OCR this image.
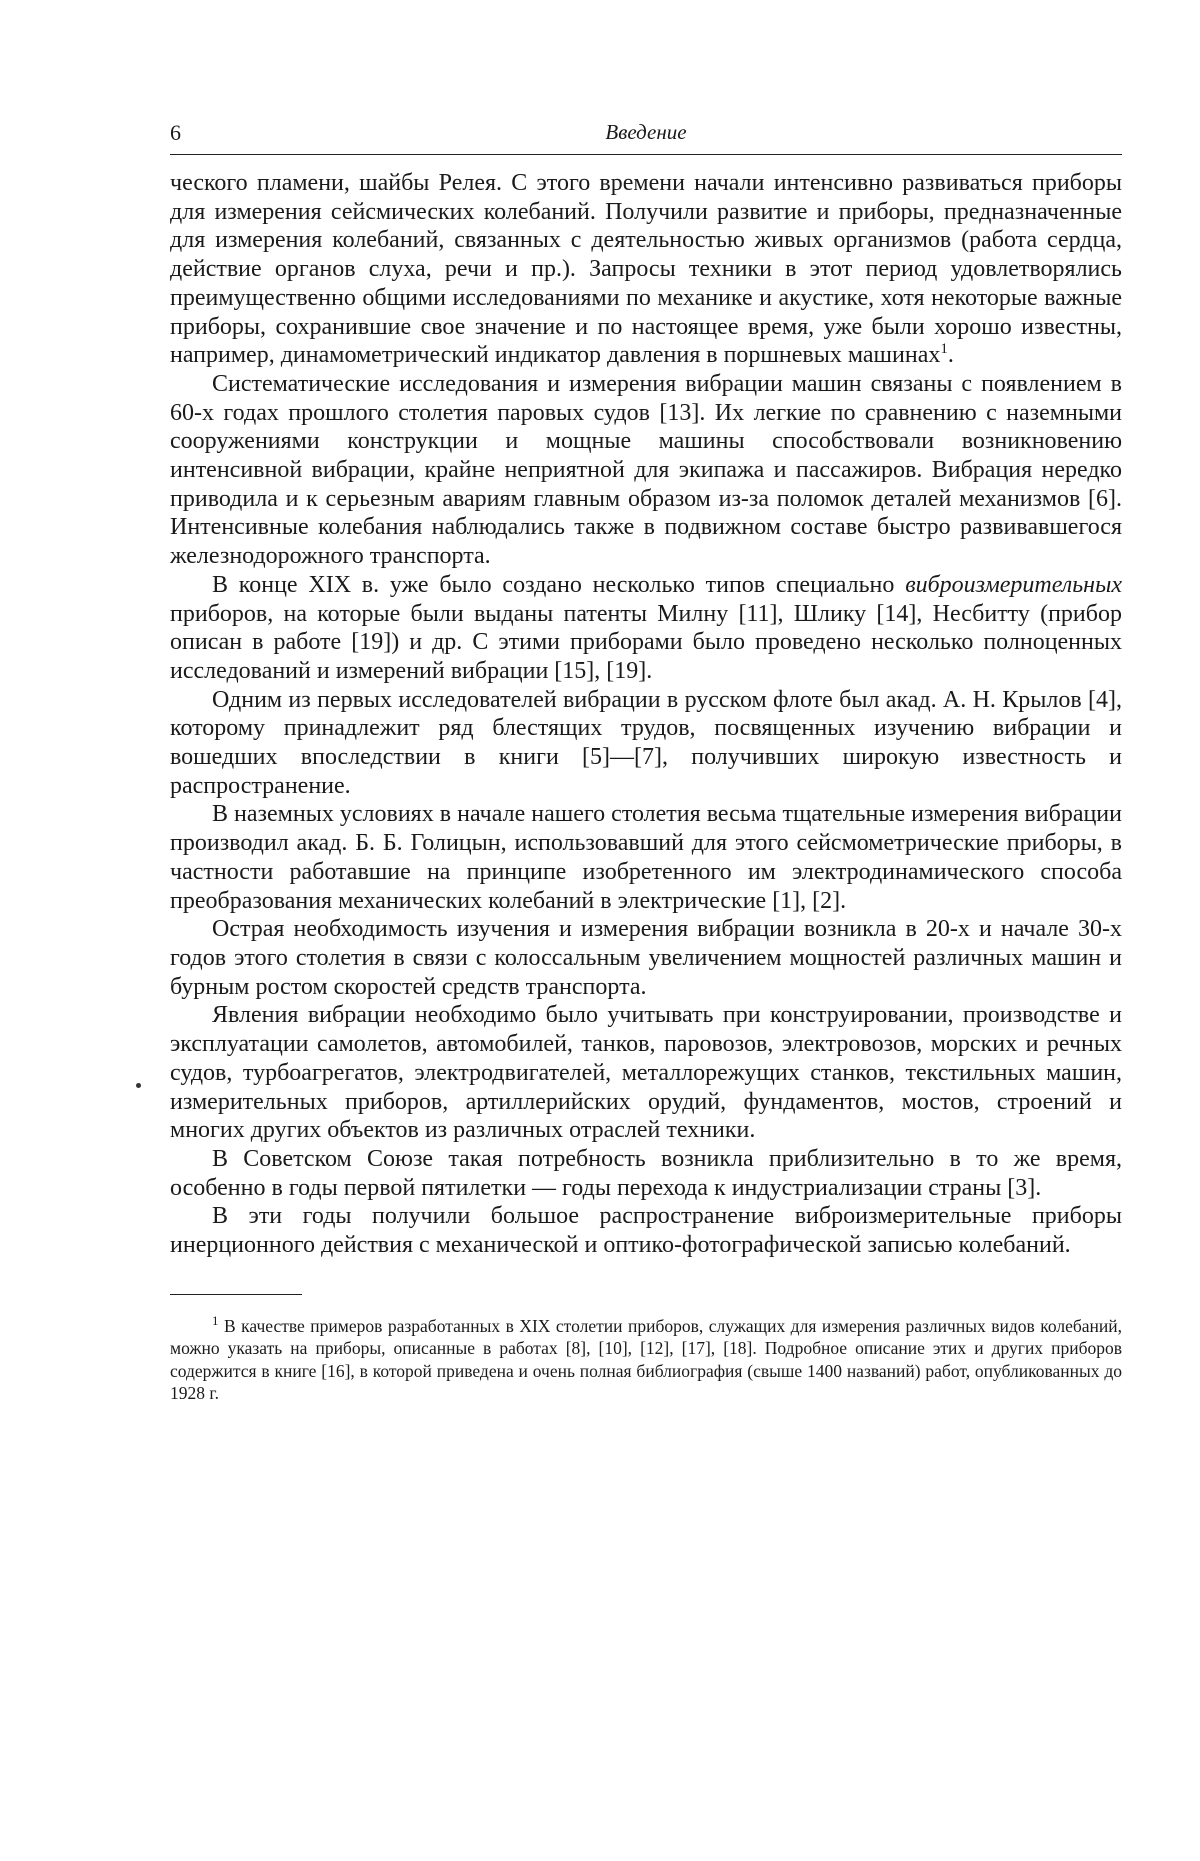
6	Введение

ческого пламени, шайбы Релея. С этого времени начали интенсивно развиваться приборы для измерения сейсмических колебаний. Получили развитие и приборы, предназначенные для измерения колебаний, связанных с деятельностью живых организмов (работа сердца, действие органов слуха, речи и пр.). Запросы техники в этот период удовлетворялись преимущественно общими исследованиями по механике и акустике, хотя некоторые важные приборы, сохранившие свое значение и по настоящее время, уже были хорошо известны, например, динамометрический индикатор давления в поршневых машинах$^1$.

Систематические исследования и измерения вибрации машин связаны с появлением в 60-х годах прошлого столетия паровых судов [13]. Их легкие по сравнению с наземными сооружениями конструкции и мощные машины способствовали возникновению интенсивной вибрации, крайне неприятной для экипажа и пассажиров. Вибрация нередко приводила и к серьезным авариям главным образом из-за поломок деталей механизмов [6]. Интенсивные колебания наблюдались также в подвижном составе быстро развивавшегося железнодорожного транспорта.

В конце XIX в. уже было создано несколько типов специально виброизмерительных приборов, на которые были выданы патенты Милну [11], Шлику [14], Несбитту (прибор описан в работе [19]) и др. С этими приборами было проведено несколько полноценных исследований и измерений вибрации [15], [19].

Одним из первых исследователей вибрации в русском флоте был акад. А. Н. Крылов [4], которому принадлежит ряд блестящих трудов, посвященных изучению вибрации и вошедших впоследствии в книги [5]—[7], получивших широкую известность и распространение.

В наземных условиях в начале нашего столетия весьма тщательные измерения вибрации производил акад. Б. Б. Голицын, использовавший для этого сейсмометрические приборы, в частности работавшие на принципе изобретенного им электродинамического способа преобразования механических колебаний в электрические [1], [2].

Острая необходимость изучения и измерения вибрации возникла в 20-х и начале 30-х годов этого столетия в связи с колоссальным увеличением мощностей различных машин и бурным ростом скоростей средств транспорта.

Явления вибрации необходимо было учитывать при конструировании, производстве и эксплуатации самолетов, автомобилей, танков, паровозов, электровозов, морских и речных судов, турбоагрегатов, электродвигателей, металлорежущих станков, текстильных машин, измерительных приборов, артиллерийских орудий, фундаментов, мостов, строений и многих других объектов из различных отраслей техники.

В Советском Союзе такая потребность возникла приблизительно в то же время, особенно в годы первой пятилетки — годы перехода к индустриализации страны [3].

В эти годы получили большое распространение виброизмерительные приборы инерционного действия с механической и оптико-фотографической записью колебаний.

$^1$ В качестве примеров разработанных в XIX столетии приборов, служащих для измерения различных видов колебаний, можно указать на приборы, описанные в работах [8], [10], [12], [17], [18]. Подробное описание этих и других приборов содержится в книге [16], в которой приведена и очень полная библиография (свыше 1400 названий) работ, опубликованных до 1928 г.
